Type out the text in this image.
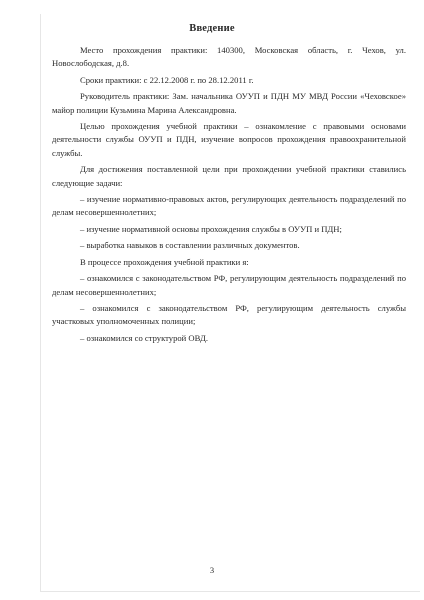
Введение

Место прохождения практики: 140300, Московская область, г. Чехов, ул. Новослободская, д.8.

Сроки практики: с 22.12.2008 г. по 28.12.2011 г.

Руководитель практики: Зам. начальника ОУУП и ПДН МУ МВД России «Чеховское» майор полиции Кузьмина Марина Александровна.

Целью прохождения учебной практики – ознакомление с правовыми основами деятельности службы ОУУП и ПДН, изучение вопросов прохождения правоохранительной службы.

Для достижения поставленной цели при прохождении учебной практики ставились следующие задачи:

– изучение нормативно-правовых актов, регулирующих деятельность подразделений по делам несовершеннолетних;

– изучение нормативной основы прохождения службы в ОУУП и ПДН;

– выработка навыков в составлении различных документов.

В процессе прохождения учебной практики я:

– ознакомился с законодательством РФ, регулирующим деятельность подразделений по делам несовершеннолетних;

– ознакомился с законодательством РФ, регулирующим деятельность службы участковых уполномоченных полиции;

– ознакомился со структурой ОВД.

3
